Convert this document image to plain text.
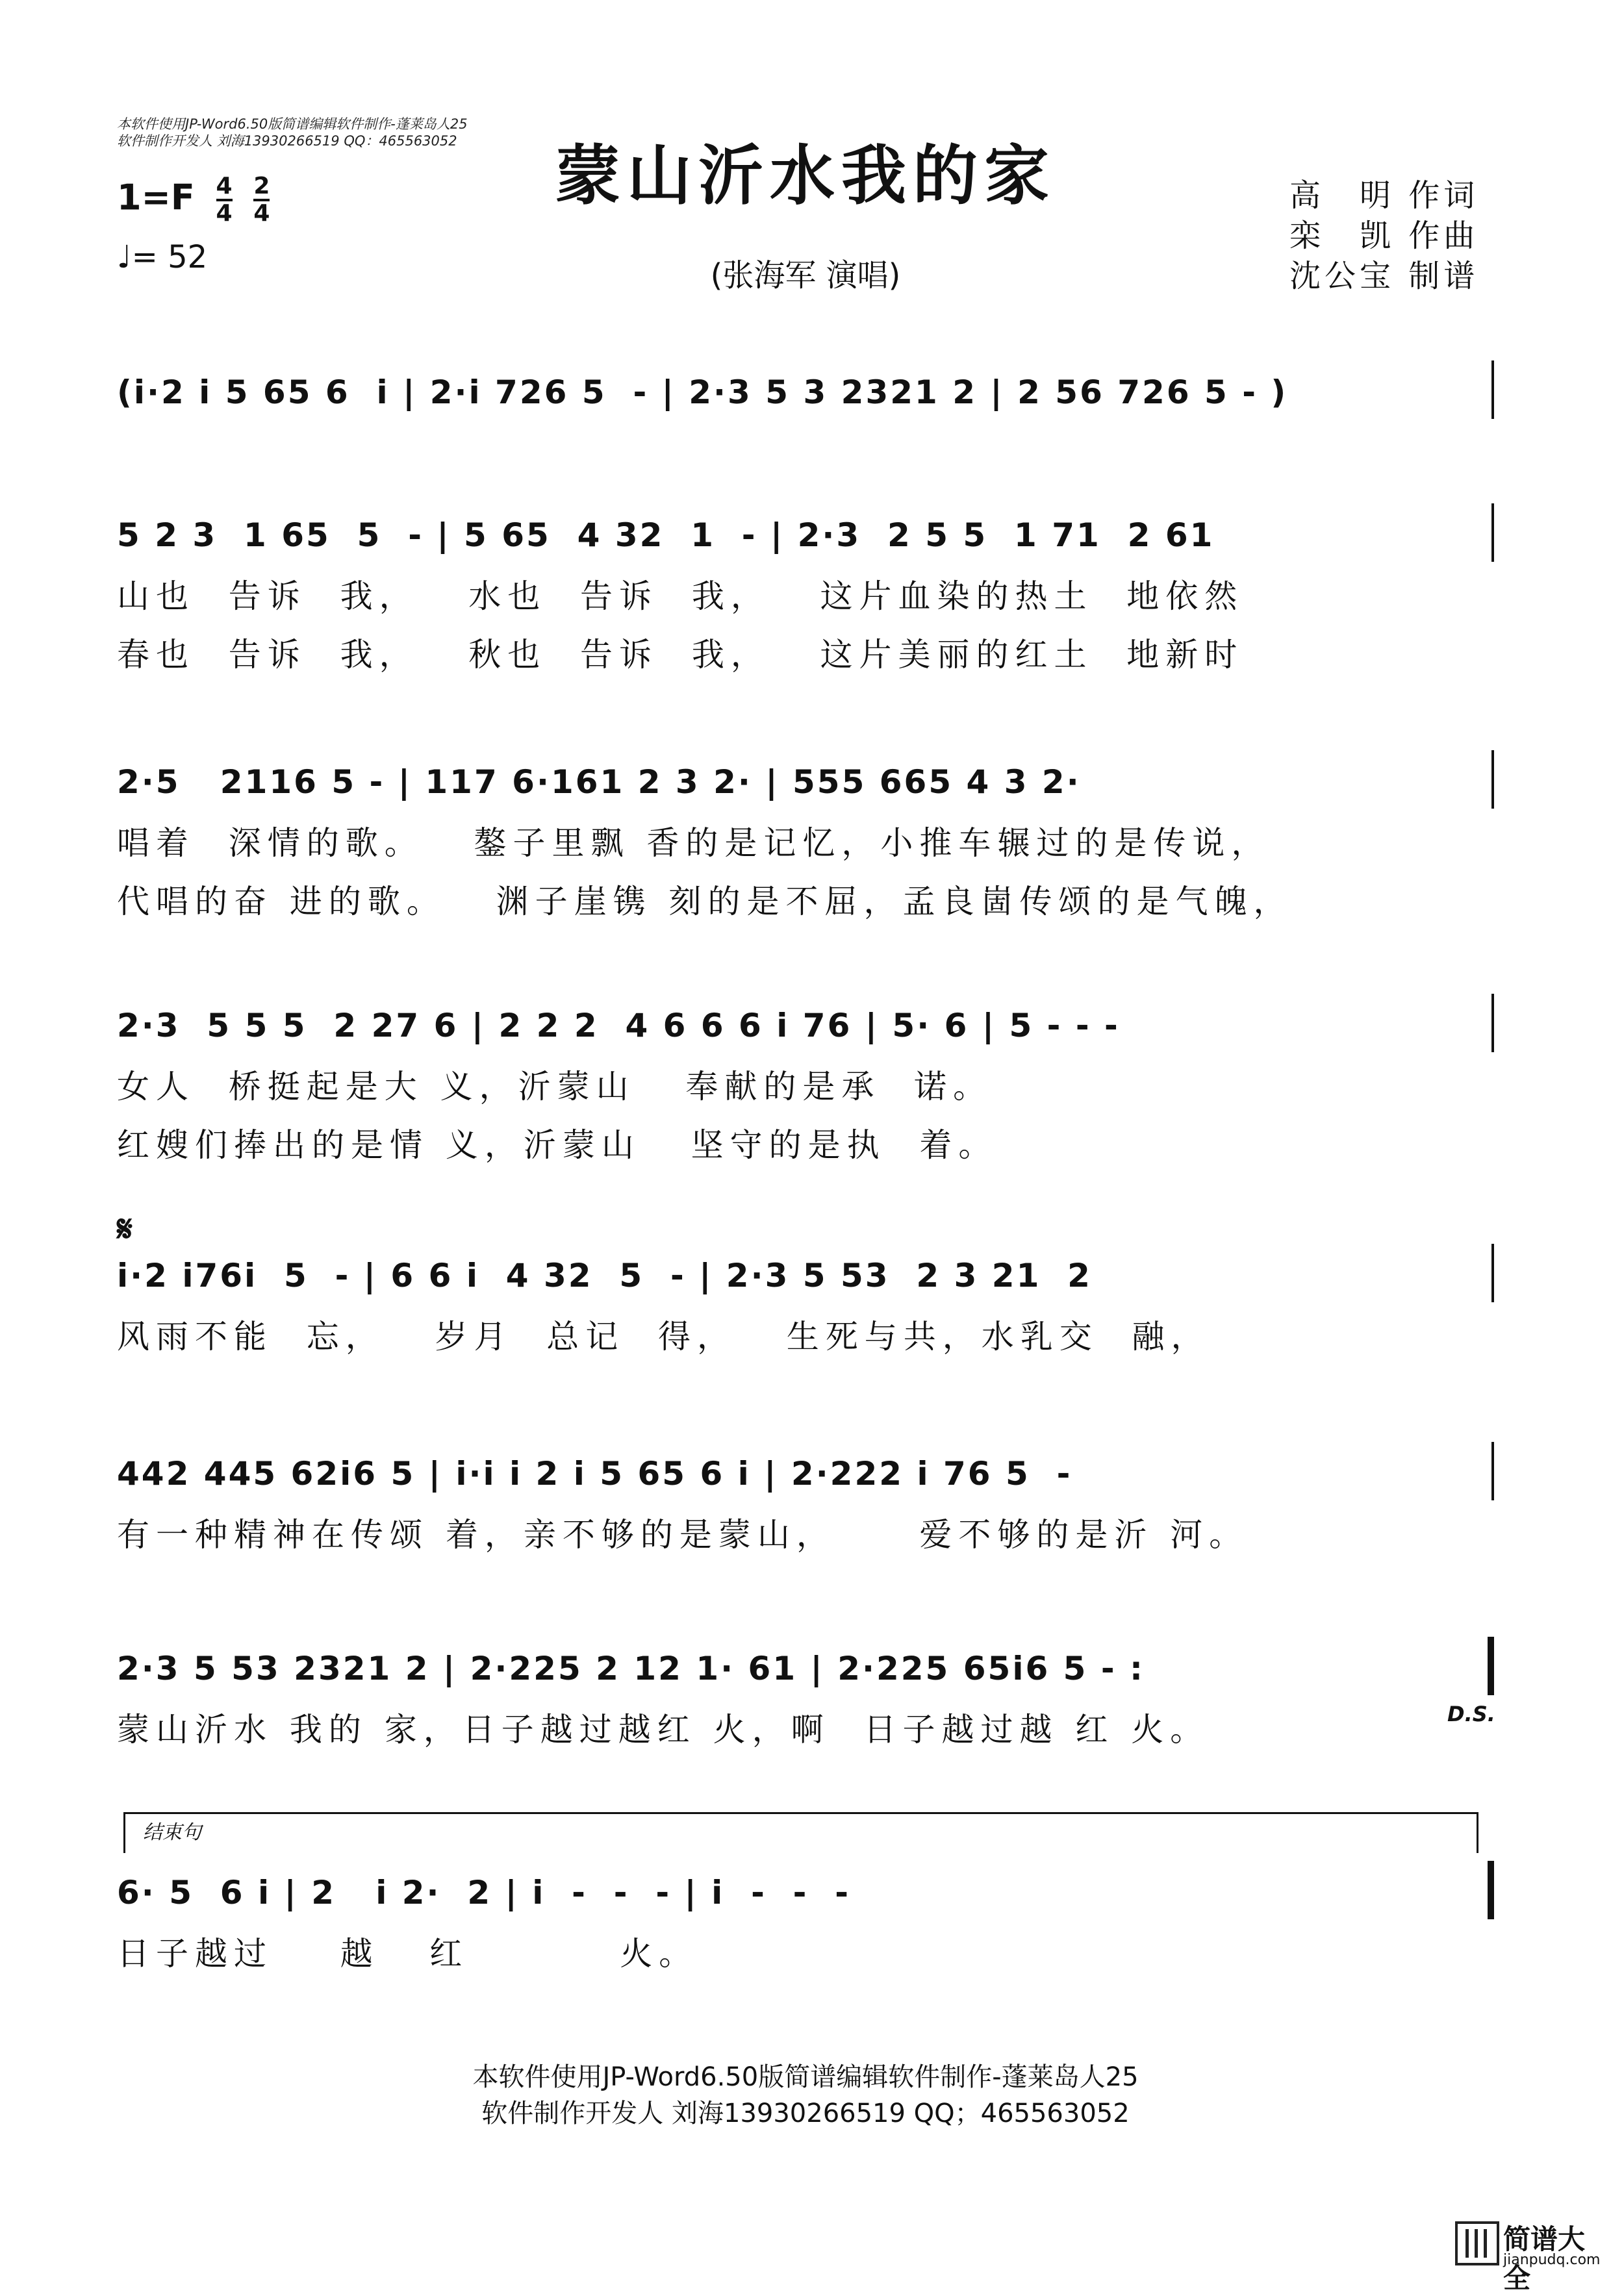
本软件使用JP-Word6.50版简谱编辑软件制作-蓬莱岛人25
软件制作开发人 刘海13930266519 QQ：465563052	蒙山沂水我的家
(张海军 演唱)
$1=F \frac{4}{4}$
$\frac{2}{4}$
♩= 52
高　明 作词
栾　凯 作曲
沈公宝 制谱
(i·2 i 5 65 6  i | 2·i 726 5  - | 2·3 5 3 2321 2 | 2 56 726 5 - )
5 2 3  1 65  5  - | 5 65  4 32  1  - | 2·3  2 5 5  1 71  2 61
山也  告诉  我，   水也  告诉  我，   这片血染的热土  地依然
春也  告诉  我，   秋也  告诉  我，   这片美丽的红土  地新时
2·5   2116 5 - | 117 6·161 2 3 2· | 555 665 4 3 2·
唱着  深情的歌。   鏊子里飘 香的是记忆，小推车辗过的是传说，
代唱的奋 进的歌。   渊子崖镌 刻的是不屈，孟良崮传颂的是气魄，
2·3  5 5 5  2 27 6 | 2 2 2  4 6 6 6 i 76 | 5· 6 | 5 - - -
女人  桥挺起是大 义，沂蒙山   奉献的是承  诺。
红嫂们捧出的是情 义，沂蒙山   坚守的是执  着。
𝄋
i·2 i76i  5  - | 6 6 i  4 32  5  - | 2·3 5 53  2 3 21  2
风雨不能  忘，   岁月  总记  得，   生死与共，水乳交  融，
442 445 62i6 5 | i·i i 2 i 5 65 6 i | 2·222 i 76 5  -
有一种精神在传颂 着，亲不够的是蒙山，     爱不够的是沂 河。
2·3 5 53 2321 2 | 2·225 2 12 1· 61 | 2·225 65i6 5 - :
蒙山沂水 我的 家，日子越过越红 火，啊  日子越过越 红 火。	D.S.
结束句
6· 5  6 i | 2   i 2·  2 | i  -  -  - | i  -  -  -
日子越过    越   红         火。
本软件使用JP-Word6.50版简谱编辑软件制作-蓬莱岛人25
软件制作开发人 刘海13930266519 QQ；465563052
简谱大全
jianpudq.com
